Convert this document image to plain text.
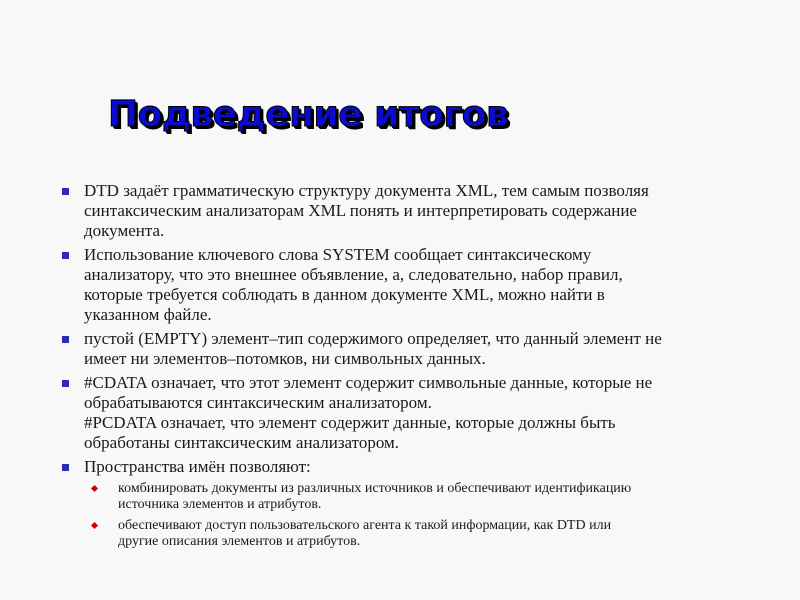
Подведение итогов
DTD задаёт грамматическую структуру документа XML, тем самым позволяя
синтаксическим анализаторам XML понять и интерпретировать содержание
документа.
Использование ключевого слова SYSTEM сообщает синтаксическому
анализатору, что это внешнее объявление, а, следовательно, набор правил,
которые требуется соблюдать в данном документе XML, можно найти в
указанном файле.
пустой (EMPTY) элемент–тип содержимого определяет, что данный элемент не
имеет ни элементов–потомков, ни символьных данных.
#CDATA означает, что этот элемент содержит символьные данные, которые не
обрабатываются синтаксическим анализатором.
#PCDATA означает, что элемент содержит данные, которые должны быть
обработаны синтаксическим анализатором.
Пространства имён позволяют:
комбинировать документы из различных источников и обеспечивают идентификацию
источника элементов и атрибутов.
обеспечивают доступ пользовательского агента к такой информации, как DTD или
другие описания элементов и атрибутов.
